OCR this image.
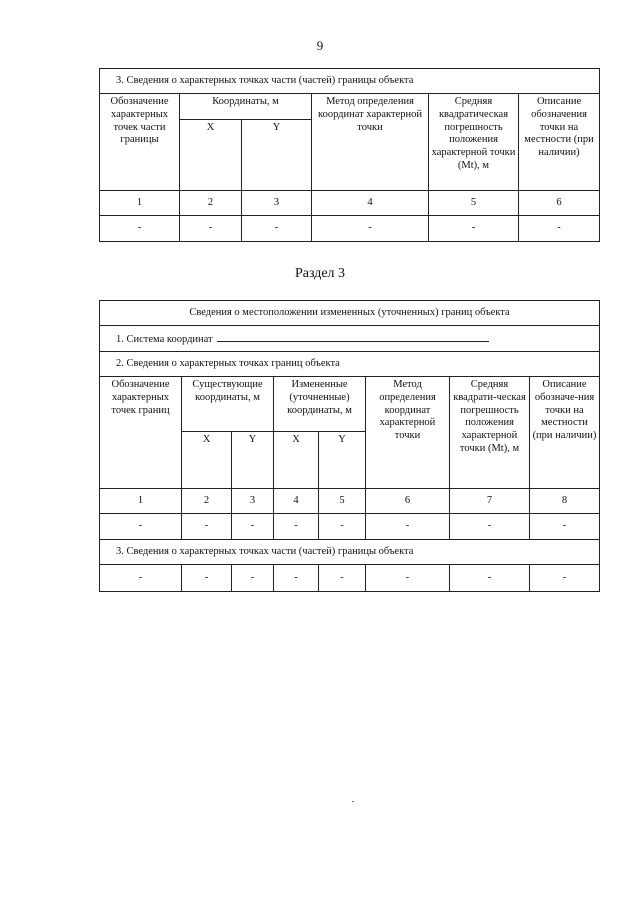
9
3. Сведения о характерных точках части (частей) границы объекта					
Обозначение характерных точек части границы	Координаты, м		Метод определения координат характерной точки	Средняя квадратическая погрешность положения характерной точки (Mt), м	Описание обозначения точки на местности (при наличии)
	X	Y			
1	2	3	4	5	6
-	-	-	-	-	-
Раздел 3
Сведения о местоположении измененных (уточненных) границ объекта							
1. Система координат							
2. Сведения о характерных точках границ объекта							
Обозначение характерных точек границ	Существующие координаты, м		Измененные (уточненные) координаты, м		Метод определения координат характерной точки	Средняя квадрати-ческая погрешность положения характерной точки (Mt), м	Описание обозначе-ния точки на местности (при наличии)
	X	Y	X	Y			
1	2	3	4	5	6	7	8
-	-	-	-	-	-	-	-
3. Сведения о характерных точках части (частей) границы объекта							
-	-	-	-	-	-	-	-
